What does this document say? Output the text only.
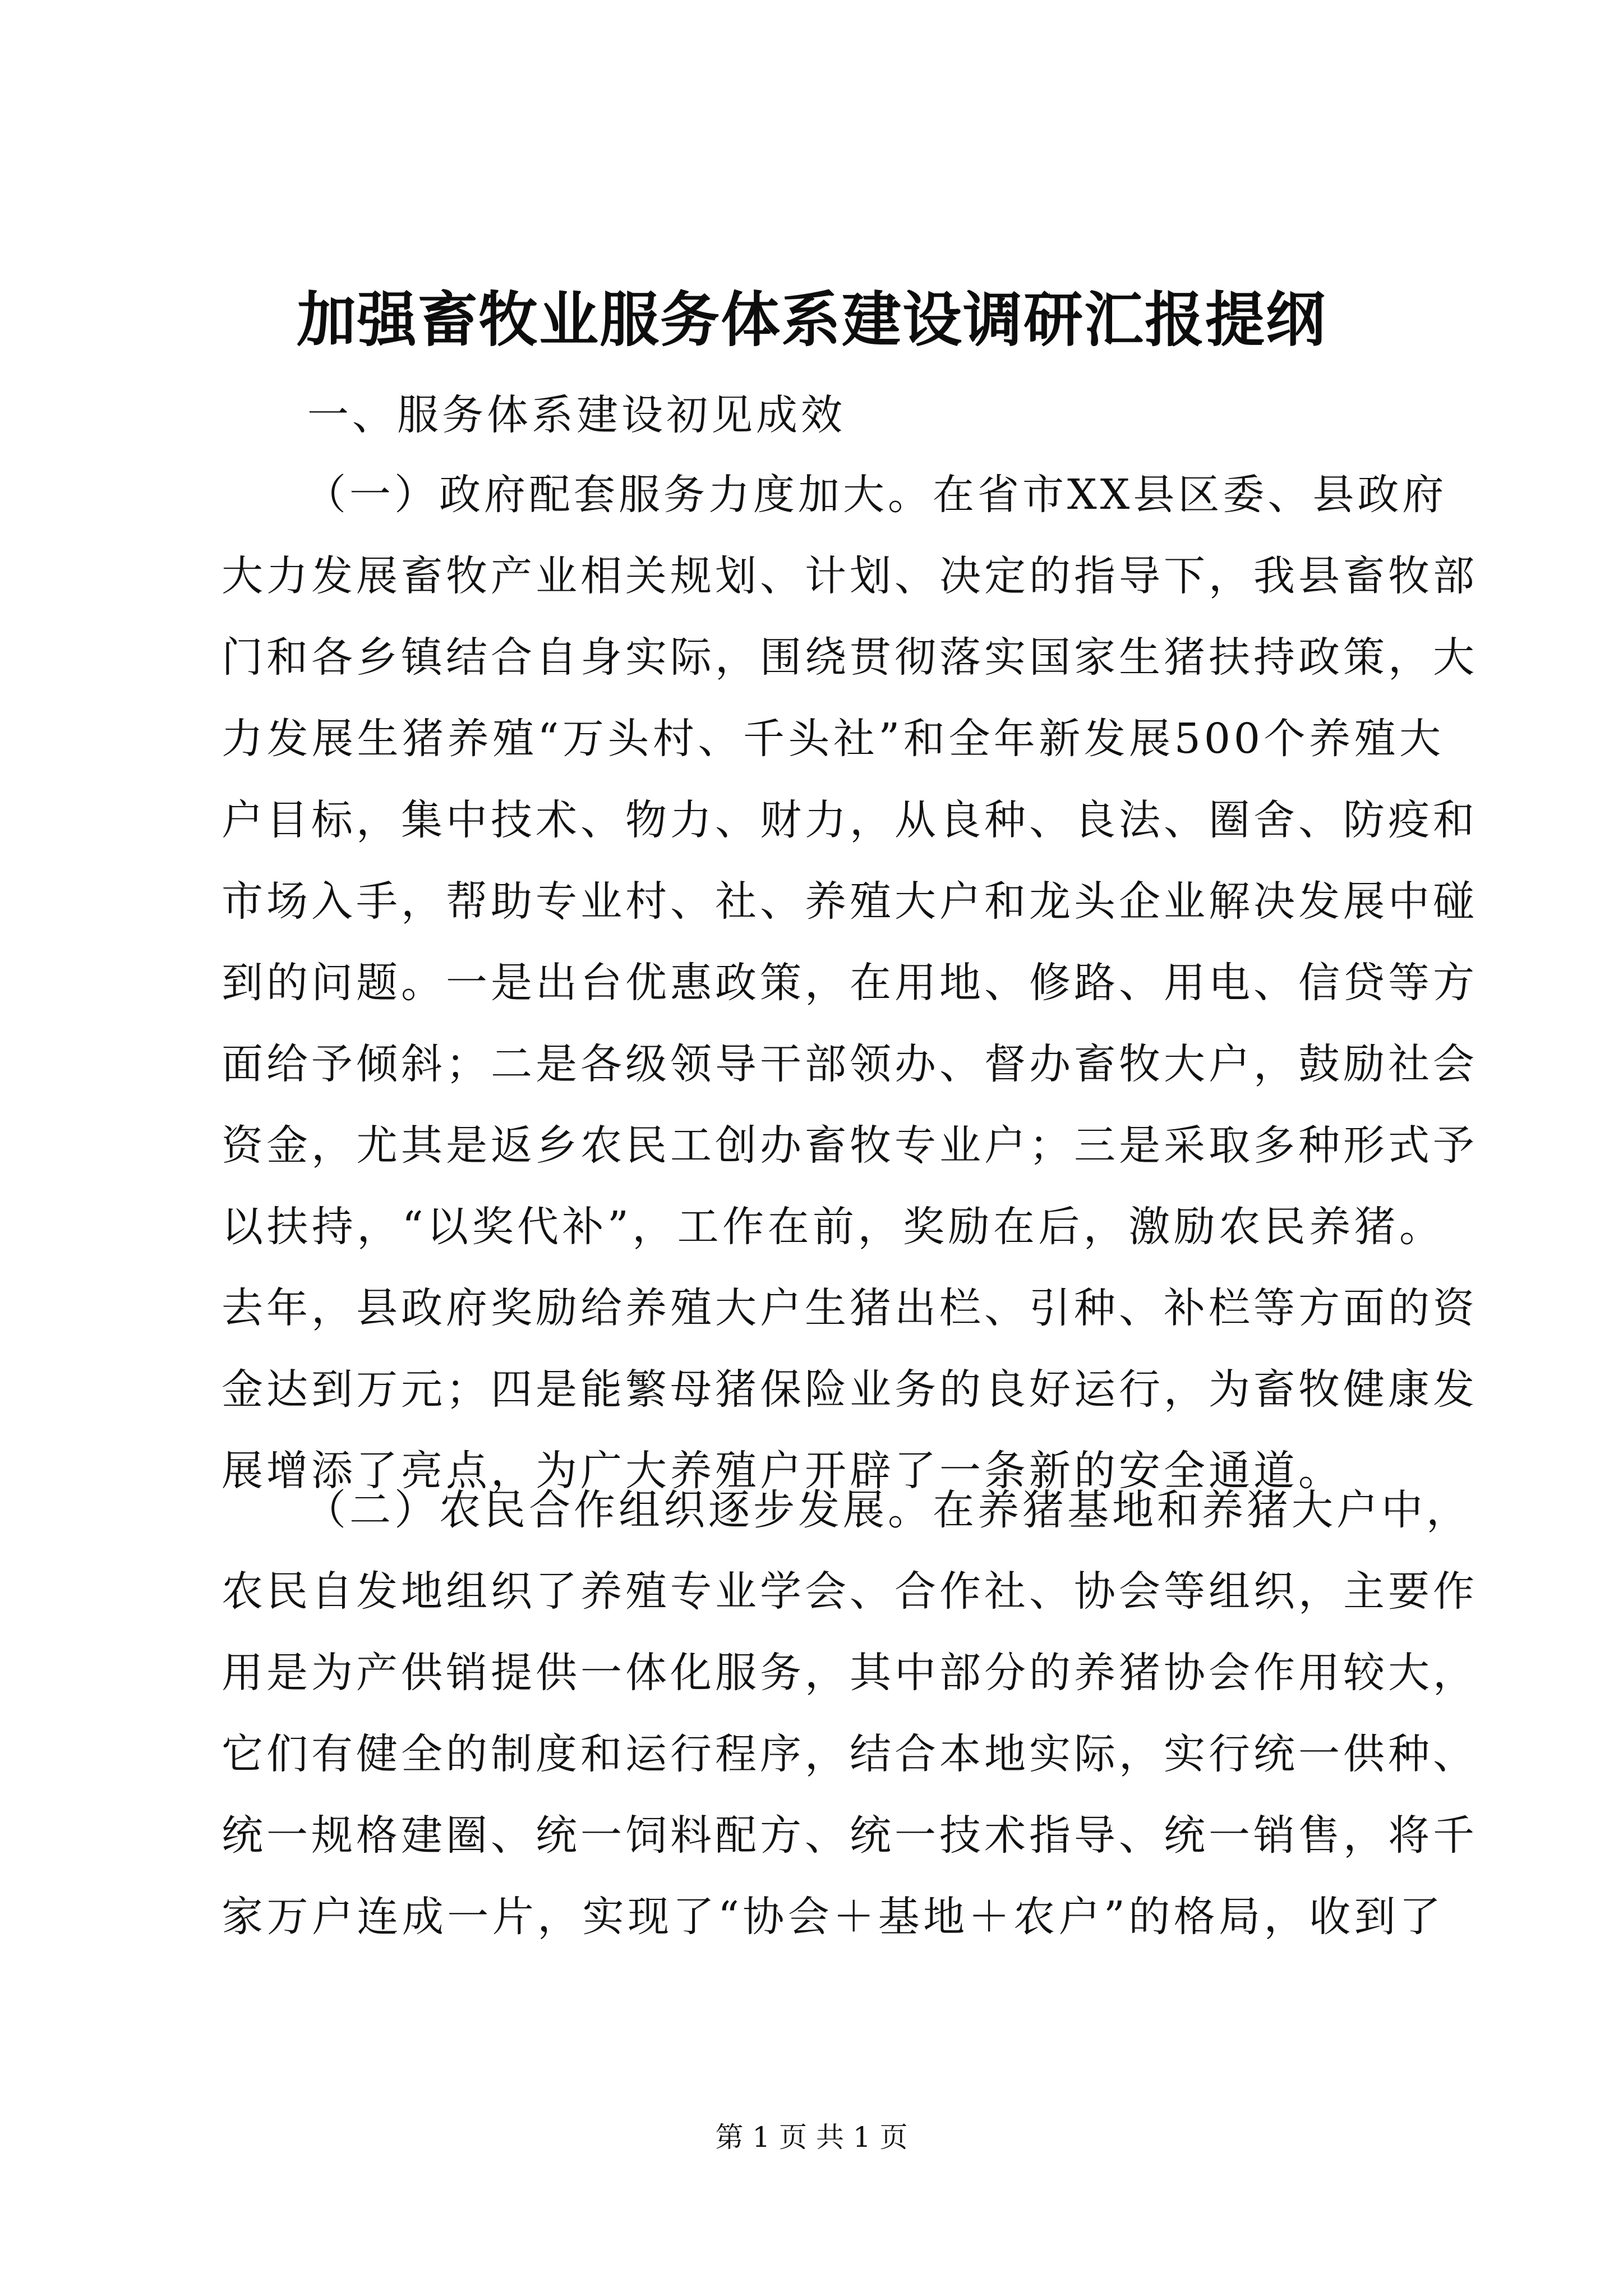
加强畜牧业服务体系建设调研汇报提纲
一、服务体系建设初见成效
（一）政府配套服务力度加大。在省市XX县区委、县政府
大力发展畜牧产业相关规划、计划、决定的指导下，我县畜牧部
门和各乡镇结合自身实际，围绕贯彻落实国家生猪扶持政策，大
力发展生猪养殖“万头村、千头社”和全年新发展500个养殖大
户目标，集中技术、物力、财力，从良种、良法、圈舍、防疫和
市场入手，帮助专业村、社、养殖大户和龙头企业解决发展中碰
到的问题。一是出台优惠政策，在用地、修路、用电、信贷等方
面给予倾斜；二是各级领导干部领办、督办畜牧大户，鼓励社会
资金，尤其是返乡农民工创办畜牧专业户；三是采取多种形式予
以扶持，“以奖代补”，工作在前，奖励在后，激励农民养猪。
去年，县政府奖励给养殖大户生猪出栏、引种、补栏等方面的资
金达到万元；四是能繁母猪保险业务的良好运行，为畜牧健康发
展增添了亮点，为广大养殖户开辟了一条新的安全通道。
（二）农民合作组织逐步发展。在养猪基地和养猪大户中，
农民自发地组织了养殖专业学会、合作社、协会等组织，主要作
用是为产供销提供一体化服务，其中部分的养猪协会作用较大，
它们有健全的制度和运行程序，结合本地实际，实行统一供种、
统一规格建圈、统一饲料配方、统一技术指导、统一销售，将千
家万户连成一片，实现了“协会＋基地＋农户”的格局，收到了
第 1 页 共 1 页
